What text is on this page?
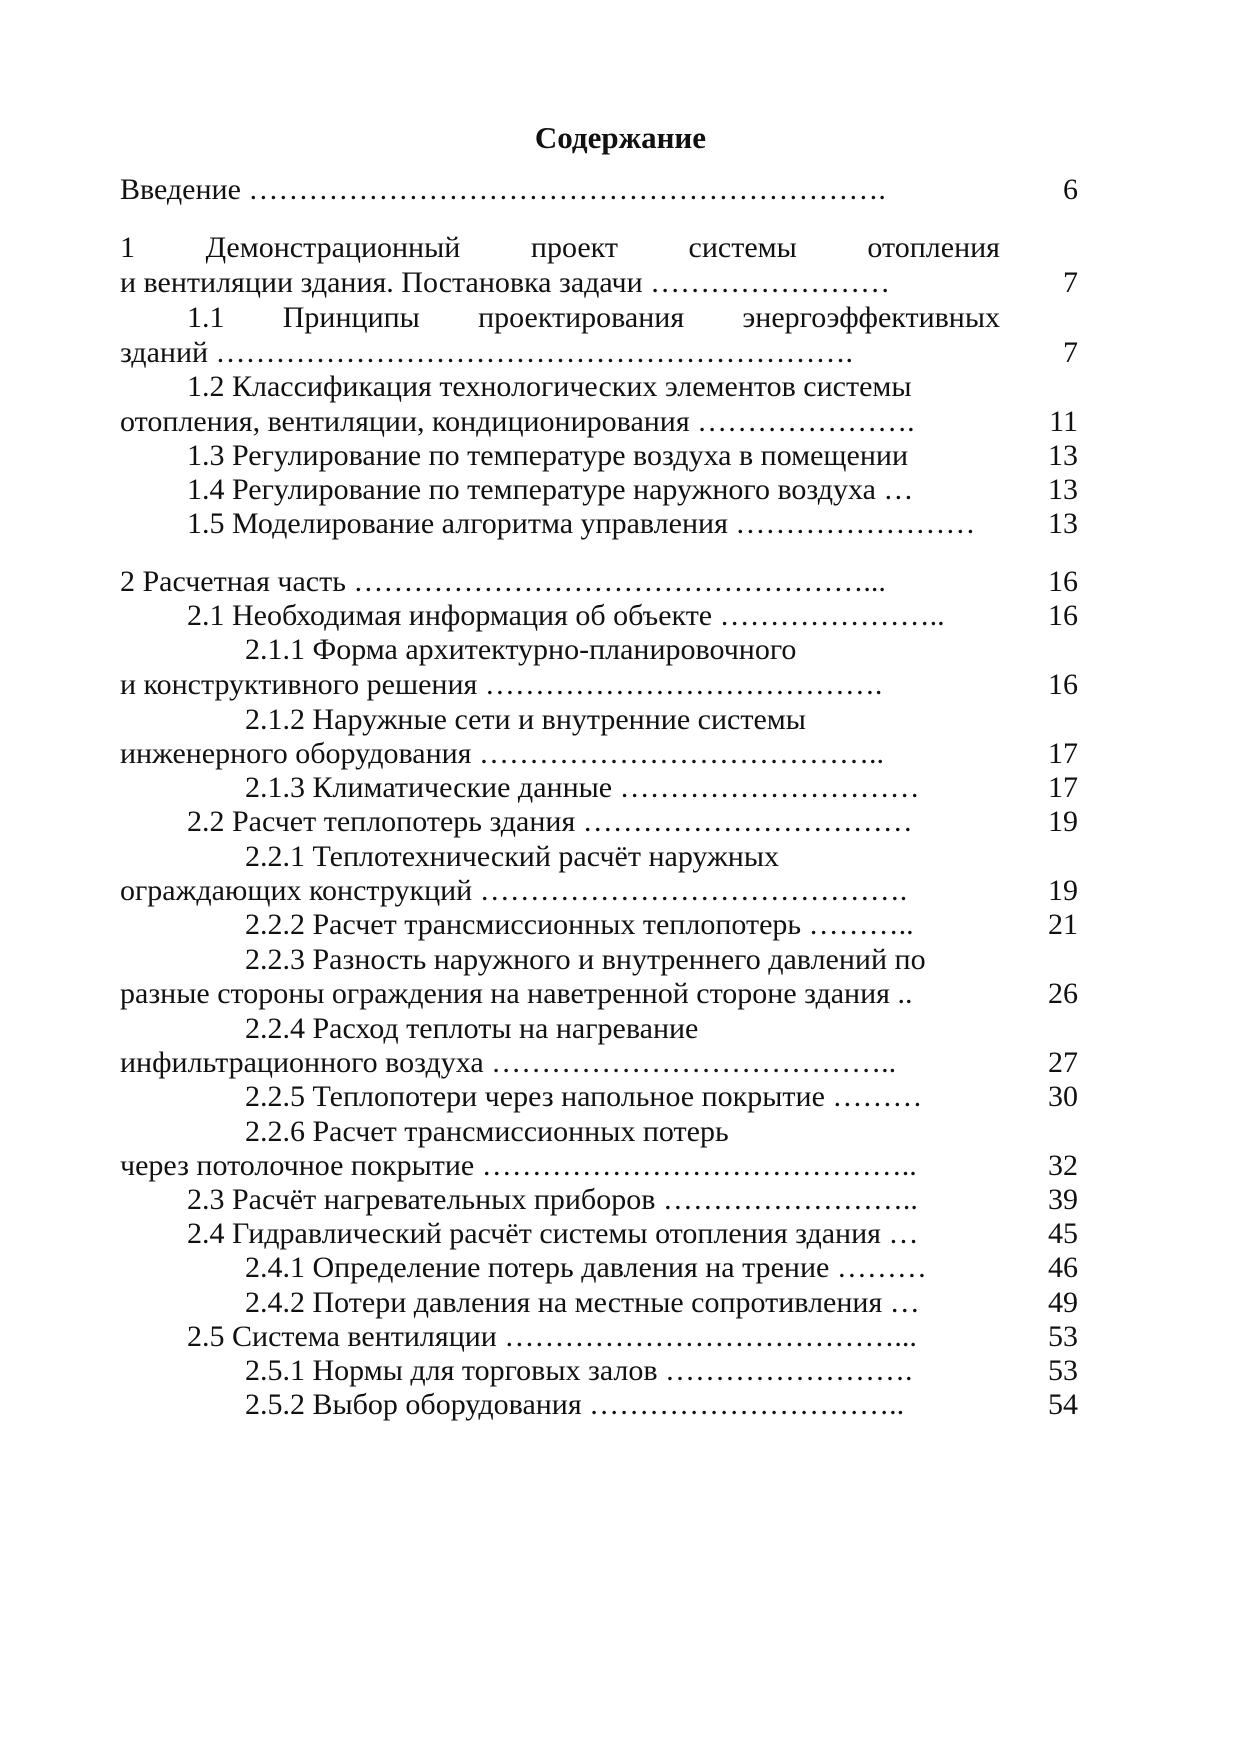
Содержание
Введение ……………………………………………………….	6
1 Демонстрационный проект системы отопления
и вентиляции здания. Постановка задачи ……………………	7
1.1 Принципы проектирования энергоэффективных
зданий ……………………………………………………….	7
1.2 Классификация технологических элементов системы
отопления, вентиляции, кондиционирования ………………….	11
1.3 Регулирование по температуре воздуха в помещении	13
1.4 Регулирование по температуре наружного воздуха …	13
1.5 Моделирование алгоритма управления ……………………	13
2 Расчетная часть ……………………………………………...	16
2.1 Необходимая информация об объекте …………………..	16
2.1.1 Форма архитектурно-планировочного
и конструктивного решения ………………………………….	16
2.1.2 Наружные сети и внутренние системы
инженерного оборудования …………………………………..	17
2.1.3 Климатические данные …………………………	17
2.2 Расчет теплопотерь здания ……………………………	19
2.2.1 Теплотехнический расчёт наружных
ограждающих конструкций …………………………………….	19
2.2.2 Расчет трансмиссионных теплопотерь ………..	21
2.2.3 Разность наружного и внутреннего давлений по
разные стороны ограждения на наветренной стороне здания ..	26
2.2.4 Расход теплоты на нагревание
инфильтрационного воздуха …………………………………..	27
2.2.5 Теплопотери через напольное покрытие ………	30
2.2.6 Расчет трансмиссионных потерь
через потолочное покрытие ……………………………………..	32
2.3 Расчёт нагревательных приборов ……………………..	39
2.4 Гидравлический расчёт системы отопления здания …	45
2.4.1 Определение потерь давления на трение ………	46
2.4.2 Потери давления на местные сопротивления …	49
2.5 Система вентиляции …………………………………...	53
2.5.1 Нормы для торговых залов …………………….	53
2.5.2 Выбор оборудования …………………………..	54
